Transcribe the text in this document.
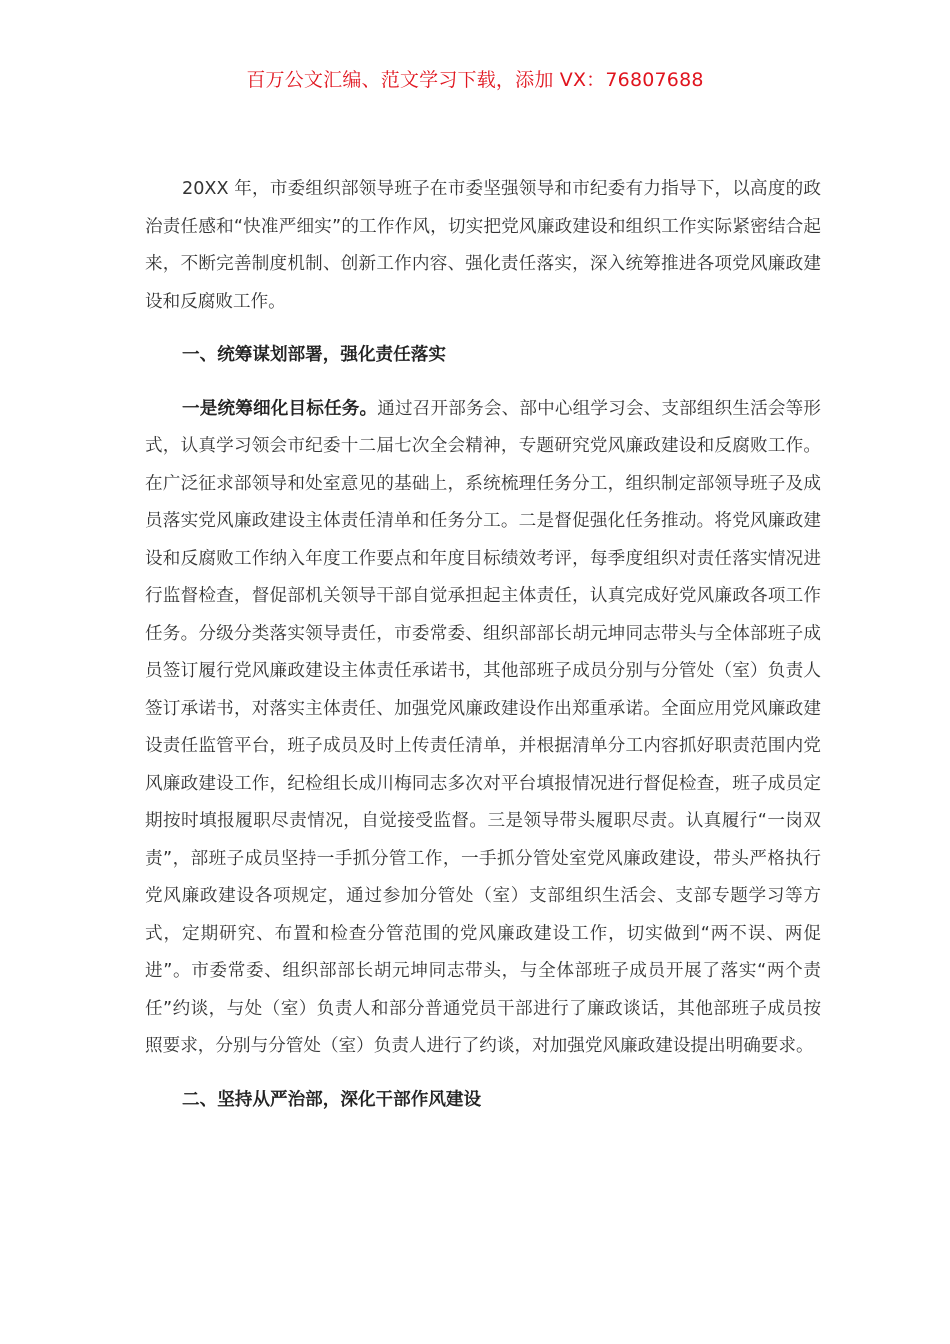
百万公文汇编、范文学习下载，添加 VX：76807688

20XX 年，市委组织部领导班子在市委坚强领导和市纪委有力指导下，以高度的政治责任感和“快准严细实”的工作作风，切实把党风廉政建设和组织工作实际紧密结合起来，不断完善制度机制、创新工作内容、强化责任落实，深入统筹推进各项党风廉政建设和反腐败工作。

一、统筹谋划部署，强化责任落实

一是统筹细化目标任务。通过召开部务会、部中心组学习会、支部组织生活会等形式，认真学习领会市纪委十二届七次全会精神，专题研究党风廉政建设和反腐败工作。在广泛征求部领导和处室意见的基础上，系统梳理任务分工，组织制定部领导班子及成员落实党风廉政建设主体责任清单和任务分工。二是督促强化任务推动。将党风廉政建设和反腐败工作纳入年度工作要点和年度目标绩效考评，每季度组织对责任落实情况进行监督检查，督促部机关领导干部自觉承担起主体责任，认真完成好党风廉政各项工作任务。分级分类落实领导责任，市委常委、组织部部长胡元坤同志带头与全体部班子成员签订履行党风廉政建设主体责任承诺书，其他部班子成员分别与分管处（室）负责人签订承诺书，对落实主体责任、加强党风廉政建设作出郑重承诺。全面应用党风廉政建设责任监管平台，班子成员及时上传责任清单，并根据清单分工内容抓好职责范围内党风廉政建设工作，纪检组长成川梅同志多次对平台填报情况进行督促检查，班子成员定期按时填报履职尽责情况，自觉接受监督。三是领导带头履职尽责。认真履行“一岗双责”，部班子成员坚持一手抓分管工作，一手抓分管处室党风廉政建设，带头严格执行党风廉政建设各项规定，通过参加分管处（室）支部组织生活会、支部专题学习等方式，定期研究、布置和检查分管范围的党风廉政建设工作，切实做到“两不误、两促进”。市委常委、组织部部长胡元坤同志带头，与全体部班子成员开展了落实“两个责任”约谈，与处（室）负责人和部分普通党员干部进行了廉政谈话，其他部班子成员按照要求，分别与分管处（室）负责人进行了约谈，对加强党风廉政建设提出明确要求。

二、坚持从严治部，深化干部作风建设
